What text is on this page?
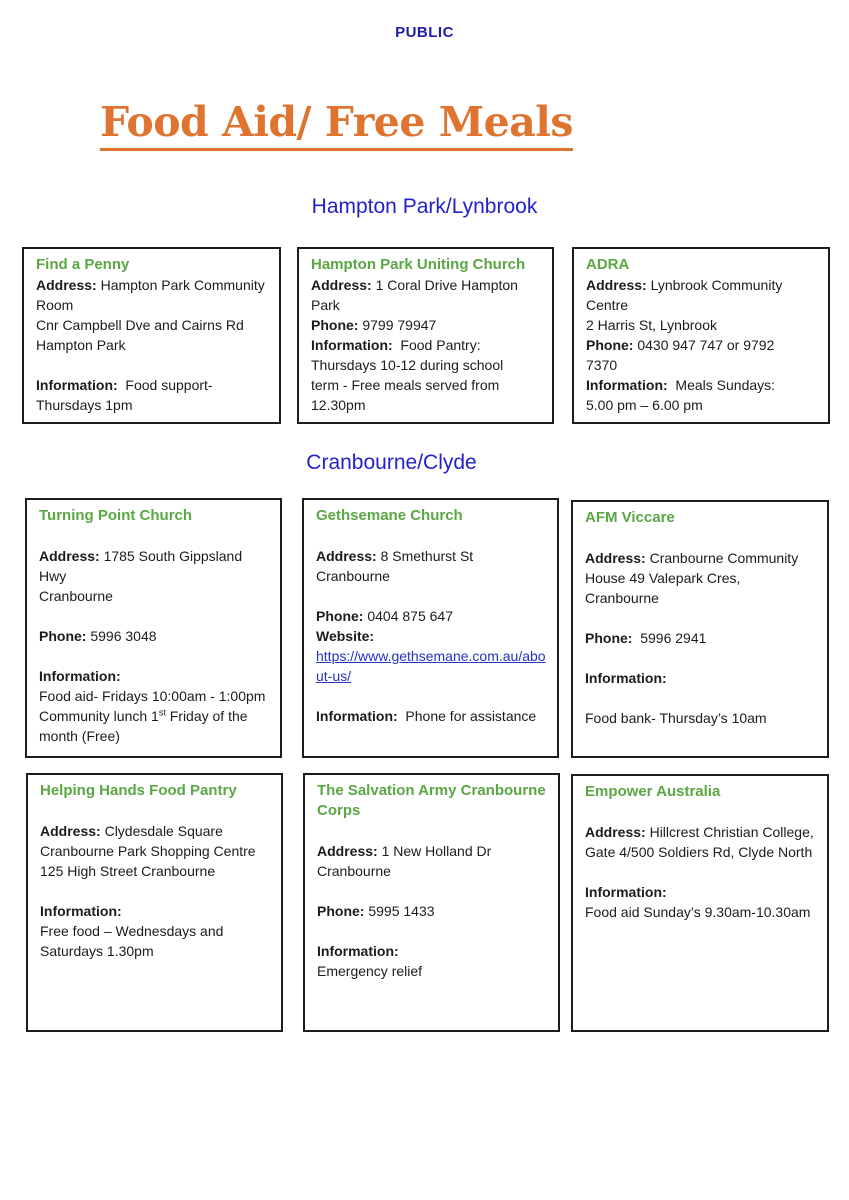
PUBLIC
Food Aid/ Free Meals
Hampton Park/Lynbrook
Find a Penny

Address: Hampton Park Community

Room

Cnr Campbell Dve and Cairns Rd

Hampton Park

Information:  Food support-

Thursdays 1pm

Hampton Park Uniting Church

Address: 1 Coral Drive Hampton

Park

Phone: 9799 79947

Information:  Food Pantry:

Thursdays 10-12 during school

term - Free meals served from

12.30pm

ADRA

Address: Lynbrook Community

Centre

2 Harris St, Lynbrook

Phone: 0430 947 747 or 9792

7370

Information:  Meals Sundays:

5.00 pm – 6.00 pm

Cranbourne/Clyde
Turning Point Church

Address: 1785 South Gippsland Hwy

Cranbourne

Phone: 5996 3048

Information:

Food aid- Fridays 10:00am - 1:00pm

Community lunch 1st Friday of the

month (Free)

Gethsemane Church

Address: 8 Smethurst St

Cranbourne

Phone: 0404 875 647

Website:

https://www.gethsemane.com.au/about-us/

Information:  Phone for assistance

AFM Viccare

Address: Cranbourne Community

House 49 Valepark Cres, Cranbourne

Phone:  5996 2941

Information:

Food bank- Thursday’s 10am

Helping Hands Food Pantry

Address: Clydesdale Square

Cranbourne Park Shopping Centre

125 High Street Cranbourne

Information:

Free food – Wednesdays and

Saturdays 1.30pm

The Salvation Army Cranbourne Corps

Address: 1 New Holland Dr

Cranbourne

Phone: 5995 1433

Information:

Emergency relief

Empower Australia

Address: Hillcrest Christian College,

Gate 4/500 Soldiers Rd, Clyde North

Information:

Food aid Sunday’s 9.30am-10.30am
